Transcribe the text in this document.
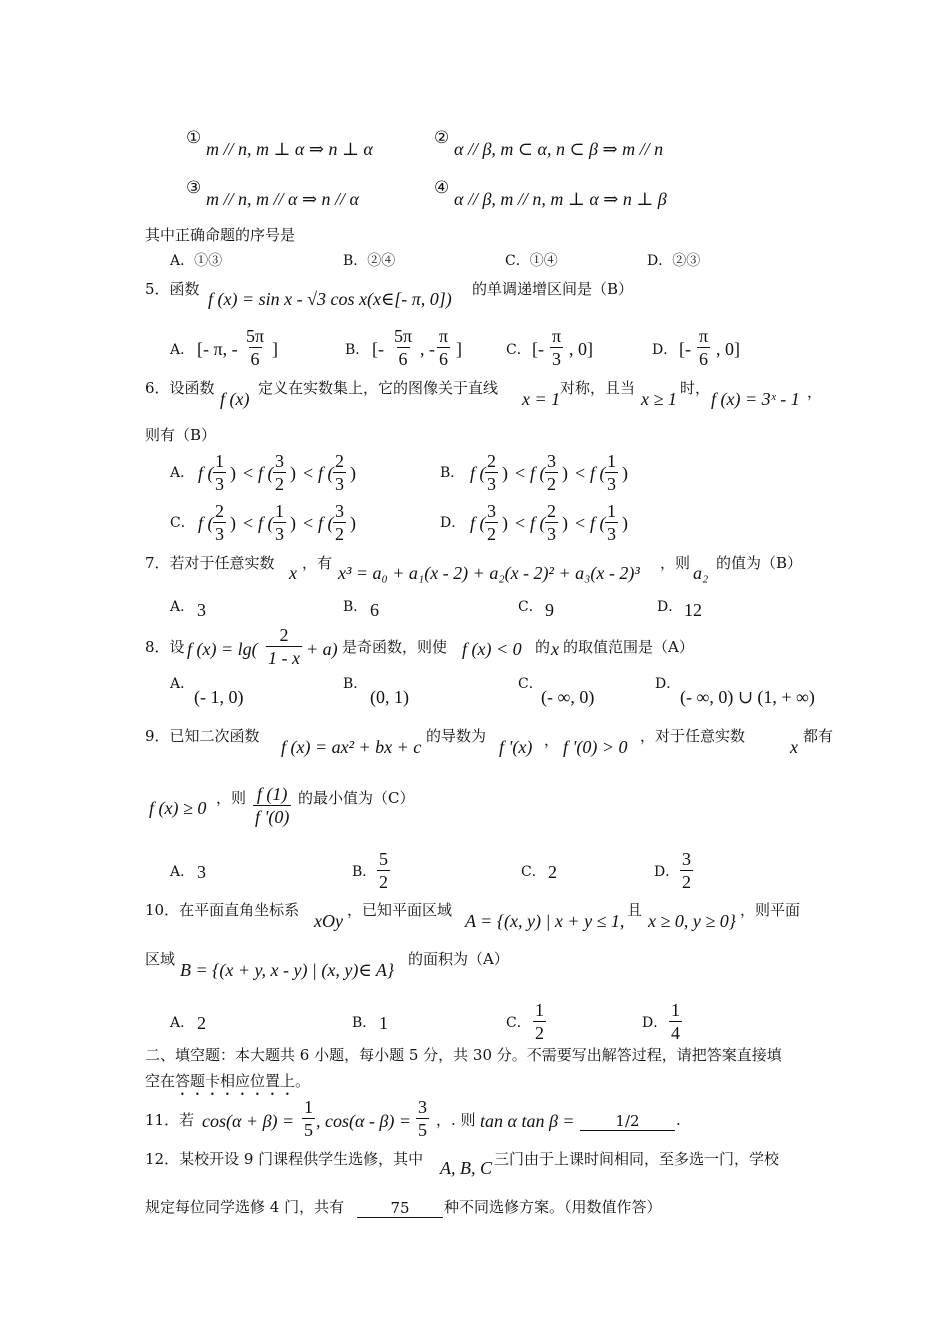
①
m // n, m ⊥ α ⇒ n ⊥ α
②
α // β, m ⊂ α, n ⊂ β ⇒ m // n
③
m // n, m // α ⇒ n // α
④
α // β, m // n, m ⊥ α ⇒ n ⊥ β
其中正确命题的序号是
A．①③	B．②④	C．①④	D．②③
5．函数 f (x) = sin x - √3 cos x(x∈[- π, 0]) 的单调递增区间是（B）
A． [- π, - $\frac{5\pi}{6}$ ]	B． [- $\frac{5\pi}{6}$ , - $\frac{\pi}{6}$ ]	C． [- $\frac{\pi}{3}$ , 0]	D． [- $\frac{\pi}{6}$ , 0]
6．设函数
f (x)
定义在实数集上，它的图像关于直线
x = 1
对称，且当
x ≥ 1
时，
f (x) = 3ˣ - 1 ，
则有（B）
A． f ( $\frac{1}{3}$ ) < f ( $\frac{3}{2}$ ) < f ( $\frac{2}{3}$ )	B． f ( $\frac{2}{3}$ ) < f ( $\frac{3}{2}$ ) < f ( $\frac{1}{3}$ )
C． f ( $\frac{2}{3}$ ) < f ( $\frac{1}{3}$ ) < f ( $\frac{3}{2}$ )	D． f ( $\frac{3}{2}$ ) < f ( $\frac{2}{3}$ ) < f ( $\frac{1}{3}$ )
7．若对于任意实数 x ，有 x³ = a₀ + a₁(x - 2) + a₂(x - 2)² + a₃(x - 2)³ ，则 a₂ 的值为（B）
A． 3	B． 6	C． 9	D． 12
8．设 f $(x) = \lg( \frac{2}{1 - x} + a)$ 是奇函数，则使 f (x) < 0 的 x 的取值范围是（A）
A．
(- 1, 0)
B．
(0, 1)
C．
(- ∞, 0)
D．
(- ∞, 0) ∪ (1, + ∞)
9．已知二次函数
f (x) = ax² + bx + c
的导数为
f '(x) ， f '(0) > 0
，对于任意实数
x
都有
f (x) ≥ 0 ，则 $\frac{f (1)}{f '(0)}$ 的最小值为（C）
A． 3	B． $\frac{5}{2}$	C． 2	D． $\frac{3}{2}$
10．在平面直角坐标系
xOy
，已知平面区域
A = {(x, y) | x + y ≤ 1,
且
x ≥ 0, y ≥ 0}
，则平面
区域
B = {(x + y, x - y) | (x, y)∈ A}
的面积为（A）
A． 2	B． 1	C． $\frac{1}{2}$	D． $\frac{1}{4}$
二、填空题：本大题共 6 小题，每小题 5 分，共 30 分。不需要写出解答过程，请把答案直接填
空在答题卡相应位置上。
11．若 $\cos(\alpha + \beta) = \frac{1}{5}$ , $\cos(\alpha - \beta) = \frac{3}{5}$ ，. 则 tan α tan β =	1/2	.
12．某校开设 9 门课程供学生选修，其中 A, B, C 三门由于上课时间相同，至多选一门，学校
规定每位同学选修 4 门，共有	75	种不同选修方案。（用数值作答）
